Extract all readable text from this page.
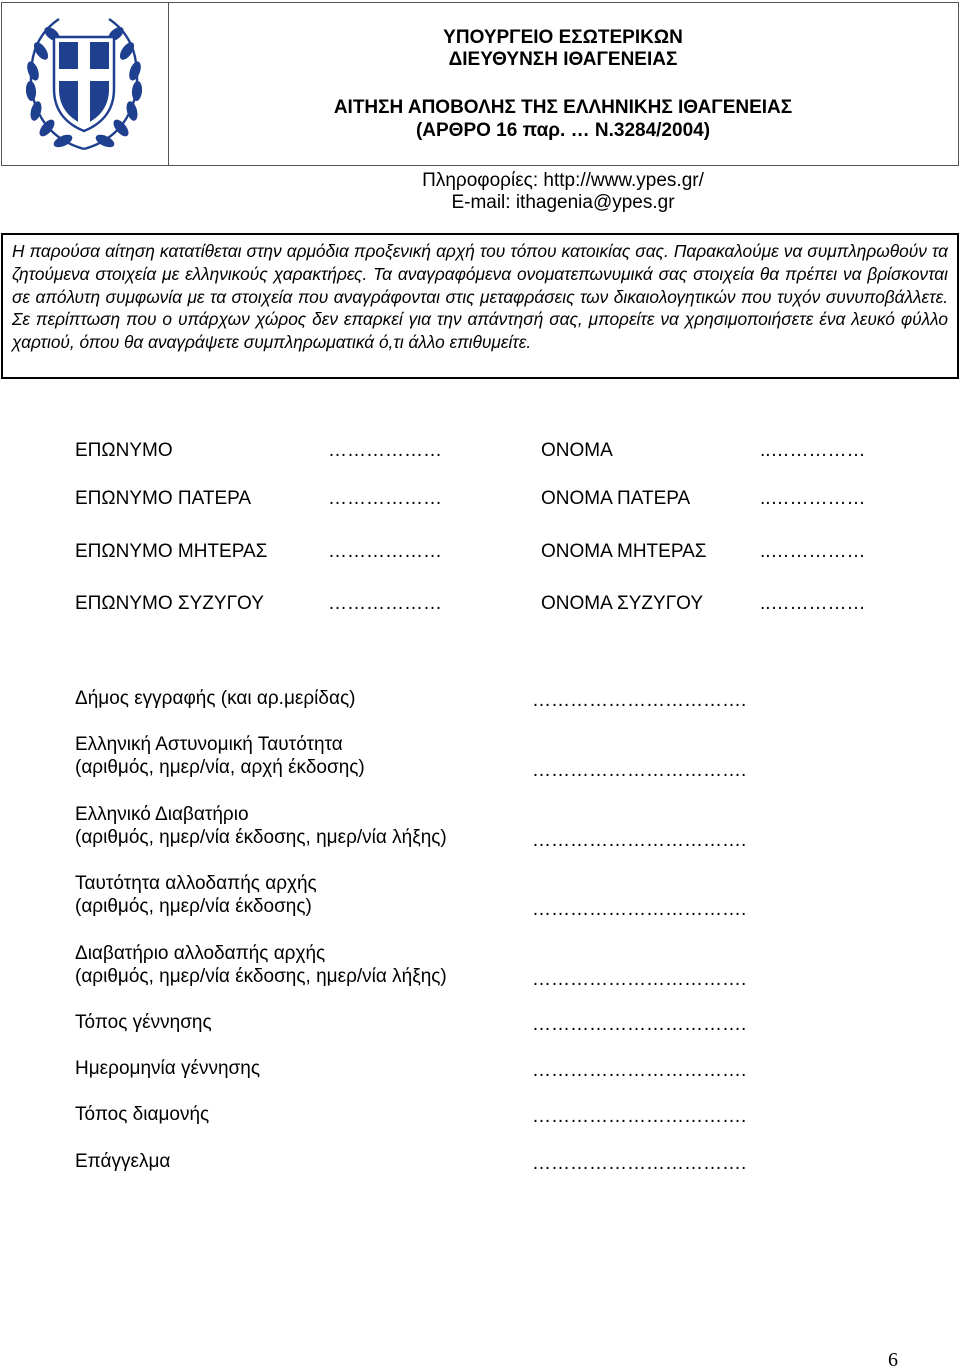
ΥΠΟΥΡΓΕΙΟ ΕΣΩΤΕΡΙΚΩΝ
ΔΙΕΥΘΥΝΣΗ ΙΘΑΓΕΝΕΙΑΣ
ΑΙΤΗΣΗ ΑΠΟΒΟΛΗΣ ΤΗΣ ΕΛΛΗΝΙΚΗΣ ΙΘΑΓΕΝΕΙΑΣ
(ΑΡΘΡΟ 16 παρ. … Ν.3284/2004)
Πληροφορίες: http://www.ypes.gr/
E-mail: ithagenia@ypes.gr

Η παρούσα αίτηση κατατίθεται στην αρμόδια προξενική αρχή του τόπου κατοικίας σας. Παρακαλούμε να συμπληρωθούν τα ζητούμενα στοιχεία με ελληνικούς χαρακτήρες. Τα αναγραφόμενα ονοματεπωνυμικά σας στοιχεία θα πρέπει να βρίσκονται σε απόλυτη συμφωνία με τα στοιχεία που αναγράφονται στις μεταφράσεις των δικαιολογητικών που τυχόν συνυποβάλλετε. Σε περίπτωση που ο υπάρχων χώρος δεν επαρκεί για την απάντησή σας, μπορείτε να χρησιμοποιήσετε ένα λευκό φύλλο χαρτιού, όπου θα αναγράψετε συμπληρωματικά ό,τι άλλο επιθυμείτε.

ΕΠΩΝΥΜΟ	………………	ΟΝΟΜΑ	..……………
ΕΠΩΝΥΜΟ ΠΑΤΕΡΑ	………………	ΟΝΟΜΑ ΠΑΤΕΡΑ	..……………
ΕΠΩΝΥΜΟ ΜΗΤΕΡΑΣ	………………	ΟΝΟΜΑ ΜΗΤΕΡΑΣ	..……………
ΕΠΩΝΥΜΟ ΣΥΖΥΓΟΥ	………………	ΟΝΟΜΑ ΣΥΖΥΓΟΥ	..……………
Δήμος εγγραφής (και αρ.μερίδας)	…………………………….
Ελληνική Αστυνομική Ταυτότητα
(αριθμός, ημερ/νία, αρχή έκδοσης)	…………………………….
Ελληνικό Διαβατήριο
(αριθμός, ημερ/νία έκδοσης, ημερ/νία λήξης)	…………………………….
Ταυτότητα αλλοδαπής αρχής
(αριθμός, ημερ/νία έκδοσης)	…………………………….
Διαβατήριο αλλοδαπής αρχής
(αριθμός, ημερ/νία έκδοσης, ημερ/νία λήξης)	…………………………….
Τόπος γέννησης	…………………………….
Ημερομηνία γέννησης	…………………………….
Τόπος διαμονής	…………………………….
Επάγγελμα	…………………………….
6
